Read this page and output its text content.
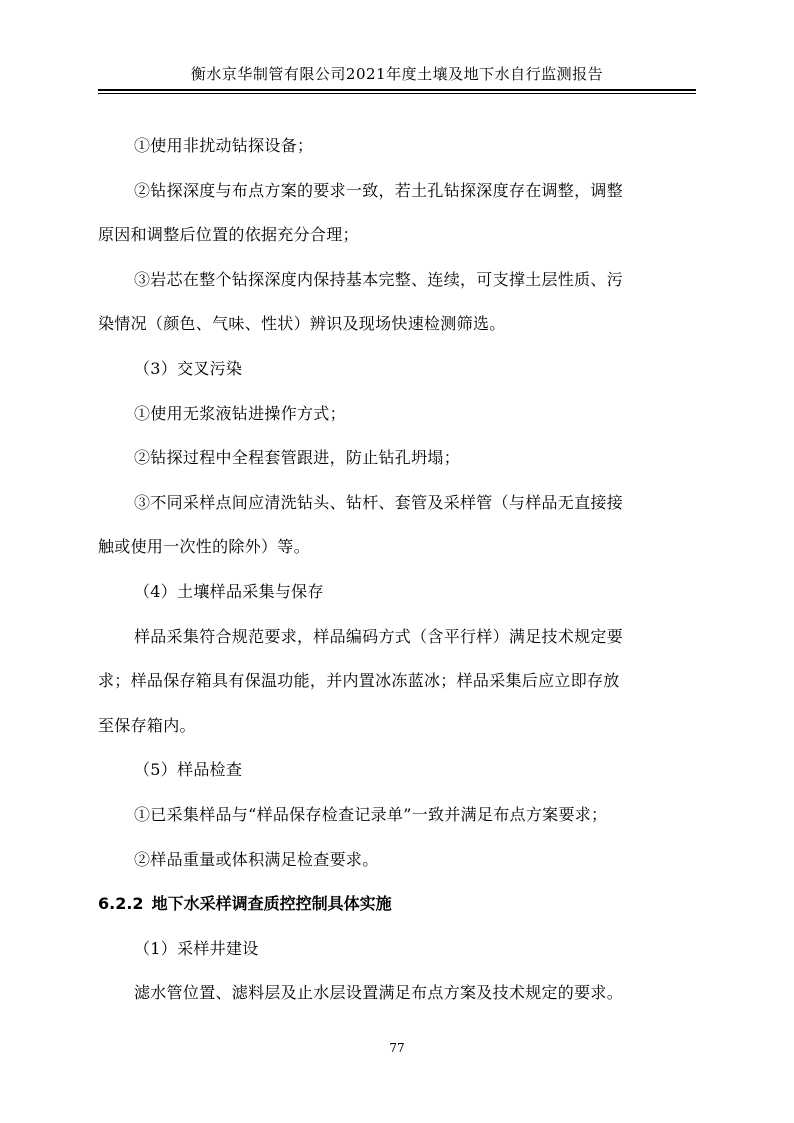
衡水京华制管有限公司2021年度土壤及地下水自行监测报告

①使用非扰动钻探设备；

②钻探深度与布点方案的要求一致，若土孔钻探深度存在调整，调整
原因和调整后位置的依据充分合理；

③岩芯在整个钻探深度内保持基本完整、连续，可支撑土层性质、污
染情况（颜色、气味、性状）辨识及现场快速检测筛选。

（3）交叉污染

①使用无浆液钻进操作方式；

②钻探过程中全程套管跟进，防止钻孔坍塌；

③不同采样点间应清洗钻头、钻杆、套管及采样管（与样品无直接接
触或使用一次性的除外）等。

（4）土壤样品采集与保存

样品采集符合规范要求，样品编码方式（含平行样）满足技术规定要
求；样品保存箱具有保温功能，并内置冰冻蓝冰；样品采集后应立即存放
至保存箱内。

（5）样品检查

①已采集样品与“样品保存检查记录单”一致并满足布点方案要求；

②样品重量或体积满足检查要求。

6.2.2 地下水采样调查质控控制具体实施

（1）采样井建设

滤水管位置、滤料层及止水层设置满足布点方案及技术规定的要求。

77
